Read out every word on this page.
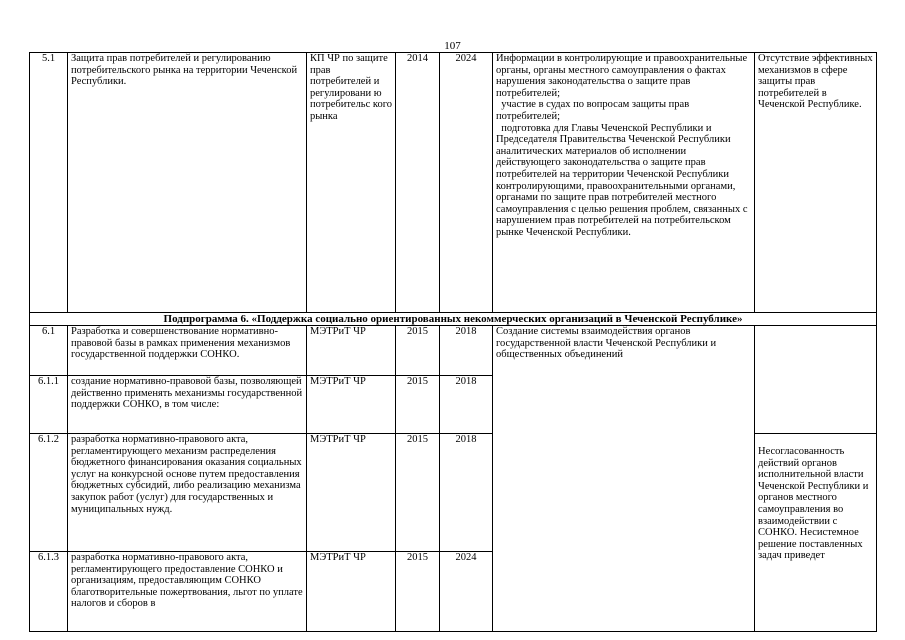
107
5.1	Защита прав потребителей и регулированию потребительского рынка на территории Чеченской Республики.	КП ЧР по защите прав потребителей и регулировани ю потребительс кого рынка	2014	2024	Информации в контролирующие и правоохранительные органы, органы местного самоуправления о фактах нарушения законодательства о защите прав потребителей;
участие в судах по вопросам защиты прав потребителей;
подготовка для Главы Чеченской Республики и Председателя Правительства Чеченской Республики аналитических материалов об исполнении действующего законодательства о защите прав потребителей на территории Чеченской Республики контролирующими, правоохранительными органами, органами по защите прав потребителей местного самоуправления с целью решения проблем, связанных с нарушением прав потребителей на потребительском рынке Чеченской Республики.	Отсутствие эффективных механизмов в сфере защиты прав потребителей в Чеченской Республике.
Подпрограмма 6. «Поддержка социально ориентированных некоммерческих организаций в Чеченской Республике»						
6.1	Разработка и совершенствование нормативно-правовой базы в рамках применения механизмов государственной поддержки СОНКО.	МЭТРиТ ЧР	2015	2018	Создание системы взаимодействия органов государственной власти Чеченской Республики и общественных объединений	
6.1.1	создание нормативно-правовой базы, позволяющей действенно применять механизмы государственной поддержки СОНКО, в том числе:	МЭТРиТ ЧР	2015	2018		
6.1.2	разработка нормативно-правового акта, регламентирующего механизм распределения бюджетного финансирования оказания социальных услуг на конкурсной основе путем предоставления бюджетных субсидий, либо реализацию механизма закупок работ (услуг) для государственных и муниципальных нужд.	МЭТРиТ ЧР	2015	2018		Несогласованность действий органов исполнительной власти Чеченской Республики и органов местного самоуправления во взаимодействии с СОНКО. Несистемное решение поставленных задач приведет
6.1.3	разработка нормативно-правового акта, регламентирующего предоставление СОНКО и организациям, предоставляющим СОНКО благотворительные пожертвования, льгот по уплате налогов и сборов в	МЭТРиТ ЧР	2015	2024		
